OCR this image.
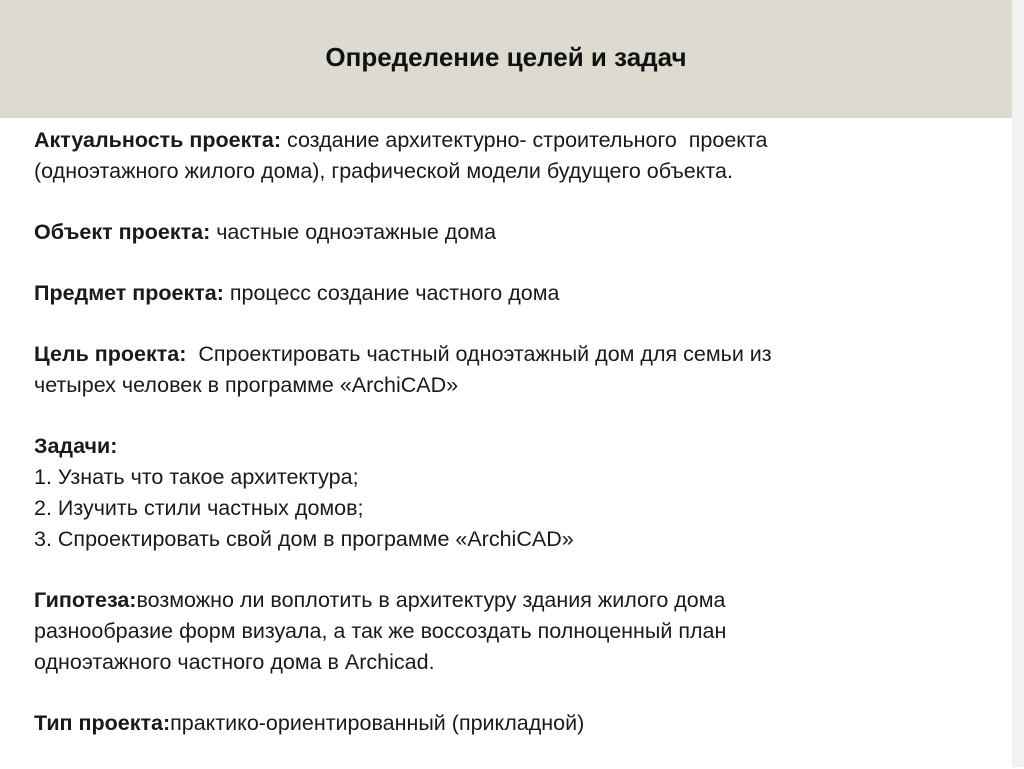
Определение целей и задач
Актуальность проекта: создание архитектурно- строительного  проекта
(одноэтажного жилого дома), графической модели будущего объекта.
Объект проекта: частные одноэтажные дома
Предмет проекта: процесс создание частного дома
Цель проекта:  Спроектировать частный одноэтажный дом для семьи из
четырех человек в программе «ArchiCAD»
Задачи:
1. Узнать что такое архитектура;
2. Изучить стили частных домов;
3. Спроектировать свой дом в программе «ArchiCAD»
Гипотеза:возможно ли воплотить в архитектуру здания жилого дома
разнообразие форм визуала, а так же воссоздать полноценный план
одноэтажного частного дома в Archicad.
Тип проекта:практико-ориентированный (прикладной)
